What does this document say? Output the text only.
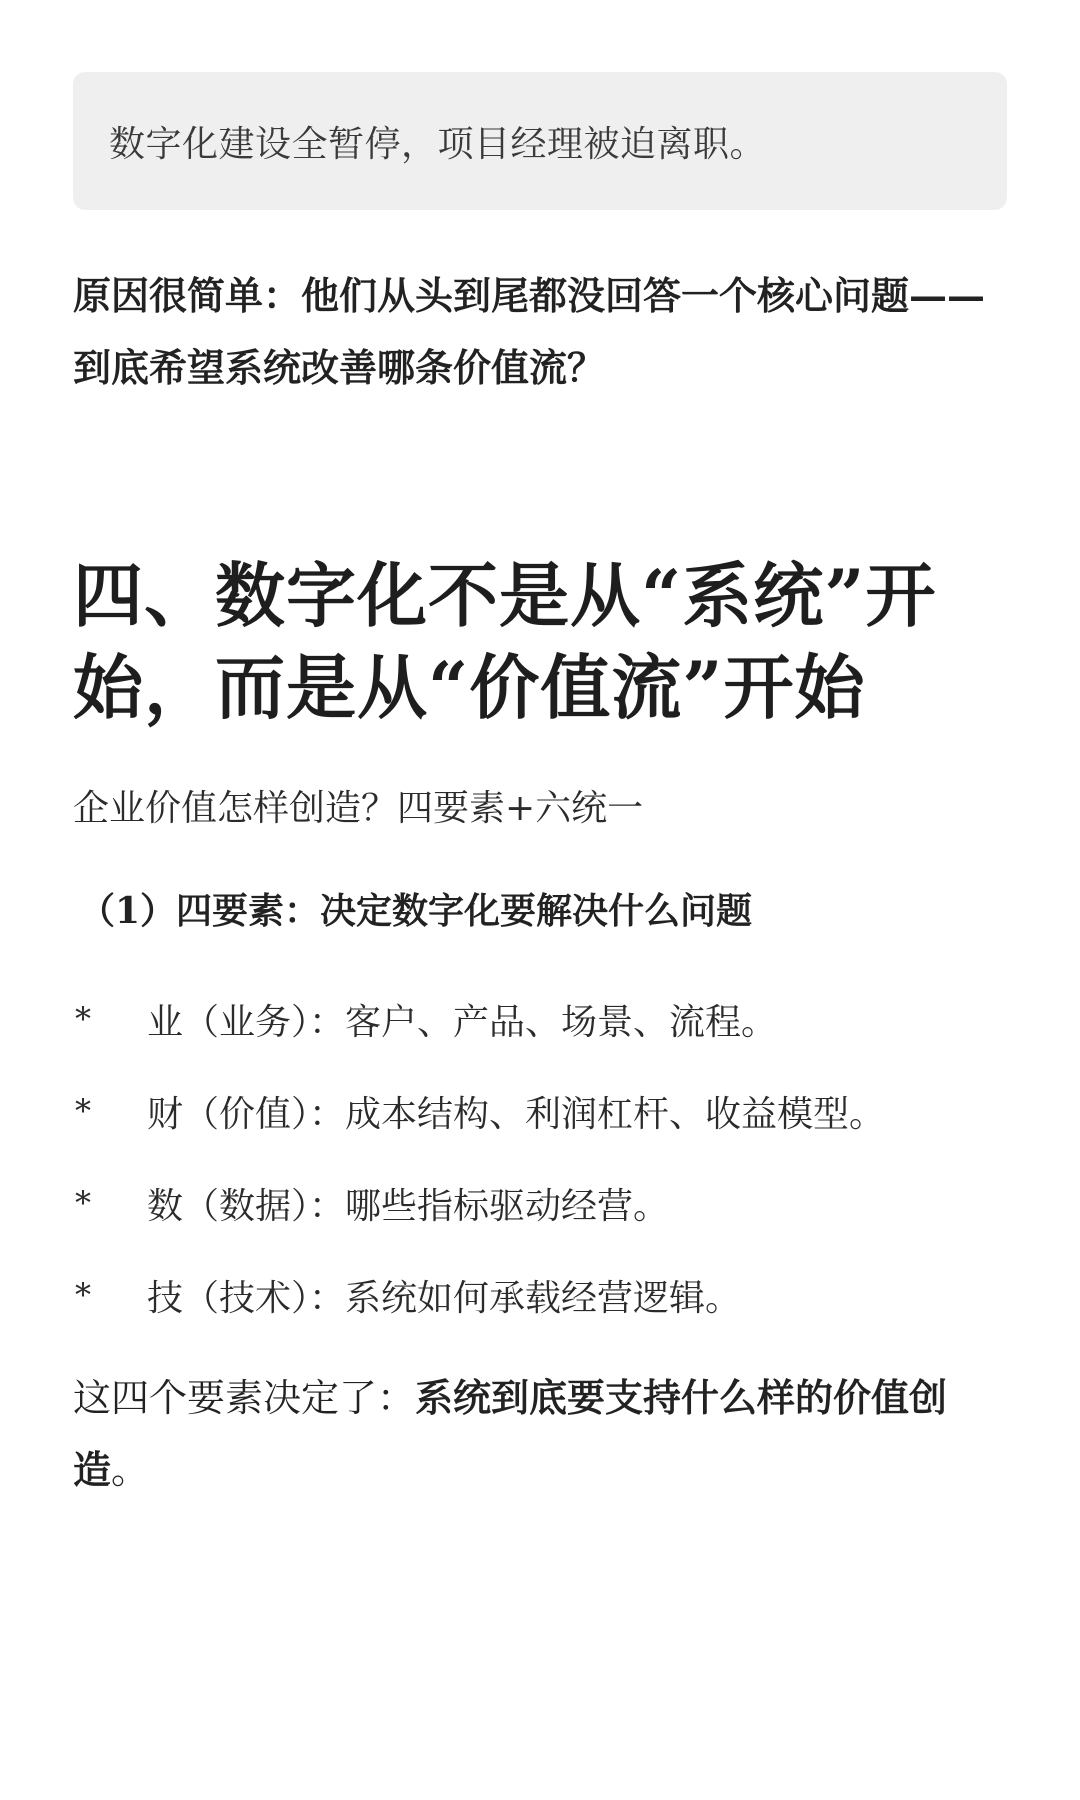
数字化建设全暂停，项目经理被迫离职。
原因很简单：他们从头到尾都没回答一个核心问题——到底希望系统改善哪条价值流？
四、数字化不是从“系统”开始，而是从“价值流”开始
企业价值怎样创造？四要素+六统一
（1）四要素：决定数字化要解决什么问题
*	业（业务）：客户、产品、场景、流程。
*	财（价值）：成本结构、利润杠杆、收益模型。
*	数（数据）：哪些指标驱动经营。
*	技（技术）：系统如何承载经营逻辑。
这四个要素决定了：系统到底要支持什么样的价值创造。
